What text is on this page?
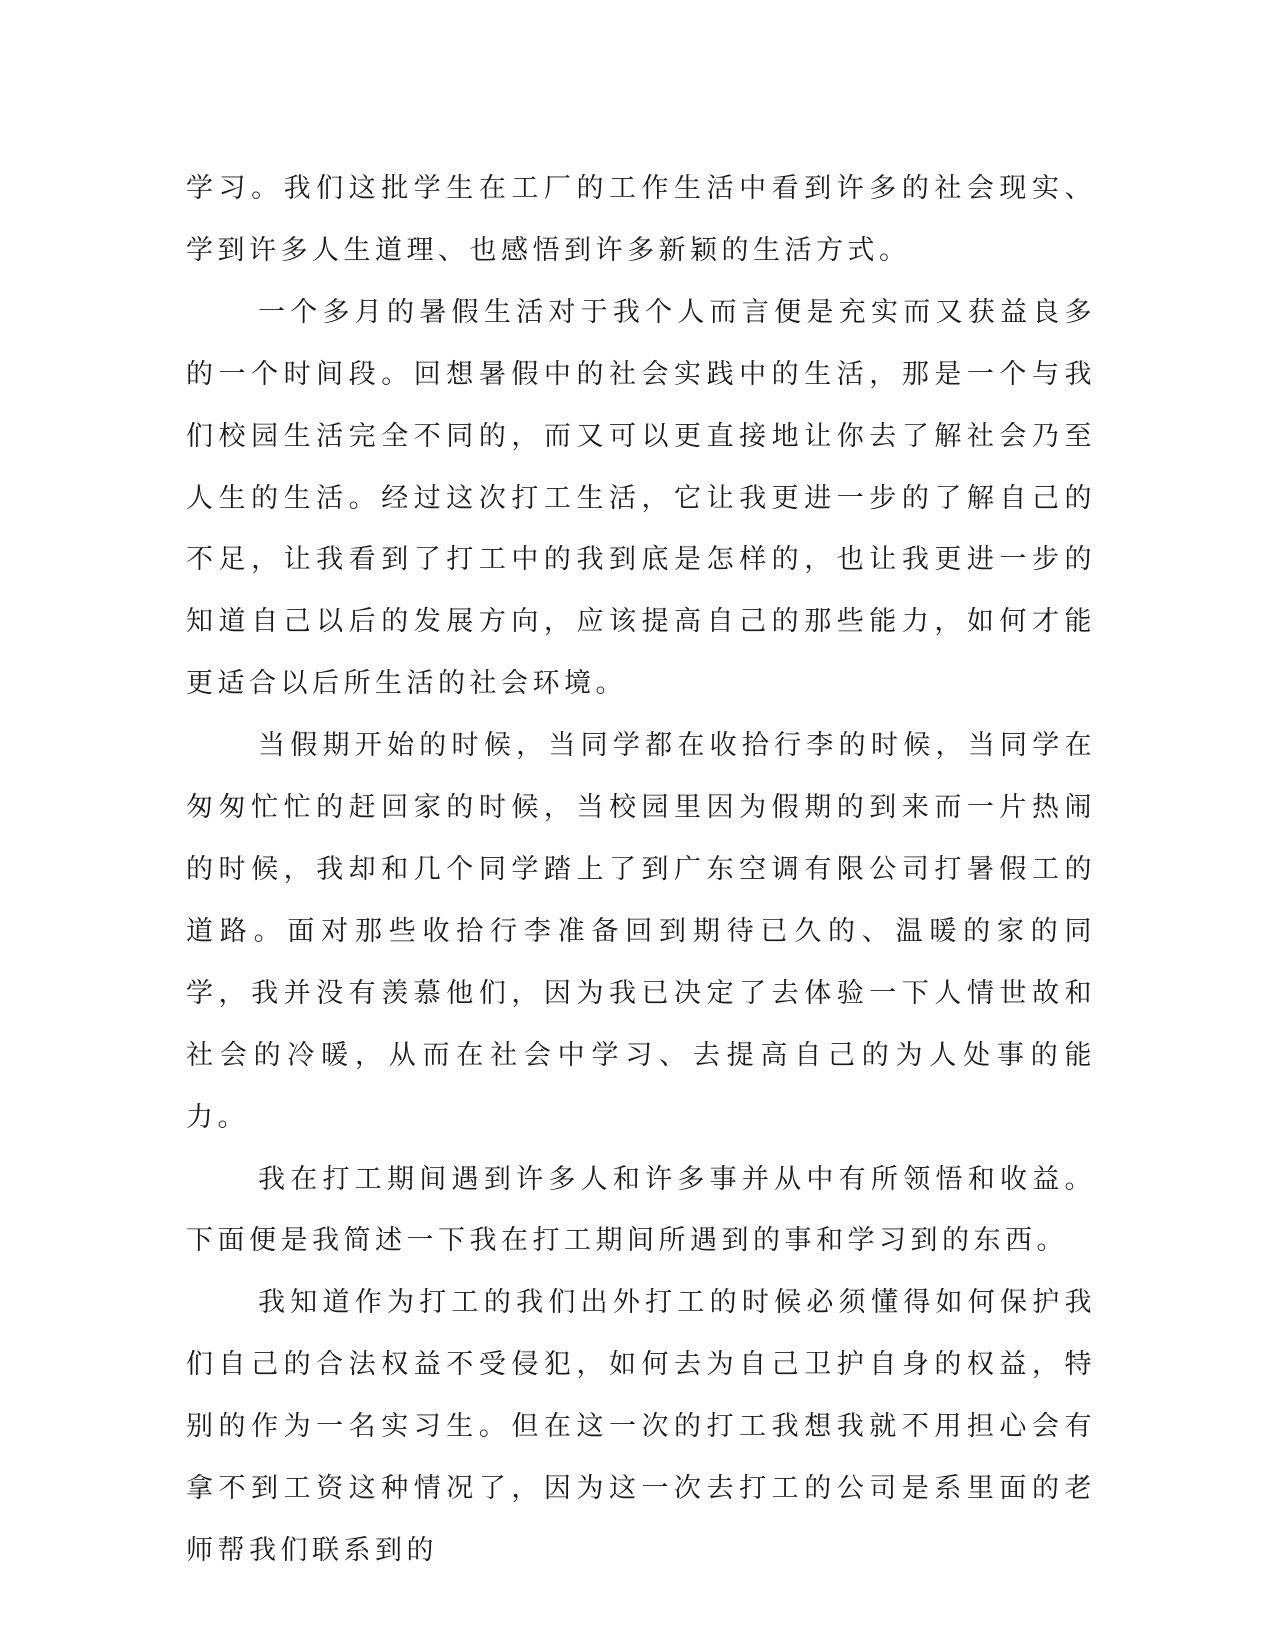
学习。我们这批学生在工厂的工作生活中看到许多的社会现实、学到许多人生道理、也感悟到许多新颖的生活方式。

一个多月的暑假生活对于我个人而言便是充实而又获益良多的一个时间段。回想暑假中的社会实践中的生活，那是一个与我们校园生活完全不同的，而又可以更直接地让你去了解社会乃至人生的生活。经过这次打工生活，它让我更进一步的了解自己的不足，让我看到了打工中的我到底是怎样的，也让我更进一步的知道自己以后的发展方向，应该提高自己的那些能力，如何才能更适合以后所生活的社会环境。

当假期开始的时候，当同学都在收拾行李的时候，当同学在匆匆忙忙的赶回家的时候，当校园里因为假期的到来而一片热闹的时候，我却和几个同学踏上了到广东空调有限公司打暑假工的道路。面对那些收拾行李准备回到期待已久的、温暖的家的同学，我并没有羡慕他们，因为我已决定了去体验一下人情世故和社会的冷暖，从而在社会中学习、去提高自己的为人处事的能力。

我在打工期间遇到许多人和许多事并从中有所领悟和收益。下面便是我简述一下我在打工期间所遇到的事和学习到的东西。

我知道作为打工的我们出外打工的时候必须懂得如何保护我们自己的合法权益不受侵犯，如何去为自己卫护自身的权益，特别的作为一名实习生。但在这一次的打工我想我就不用担心会有拿不到工资这种情况了，因为这一次去打工的公司是系里面的老师帮我们联系到的
